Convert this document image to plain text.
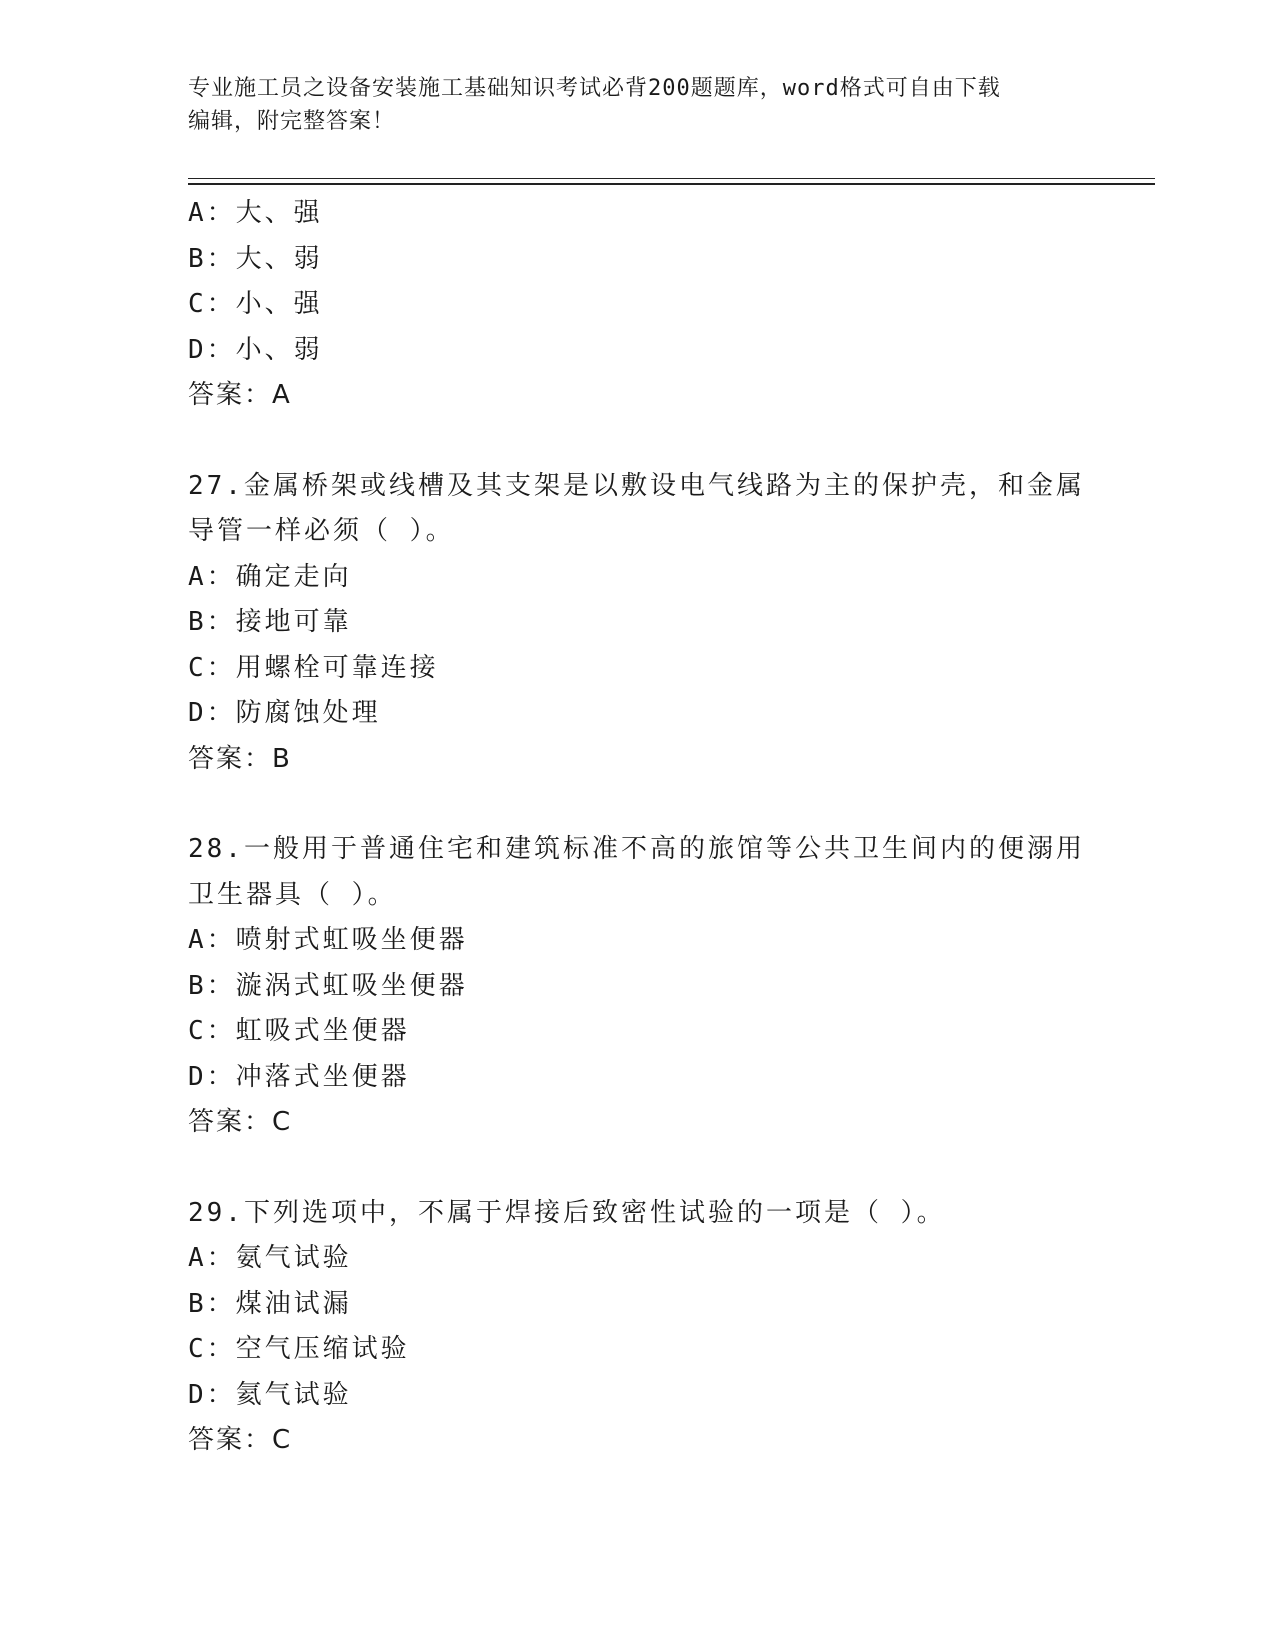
专业施工员之设备安装施工基础知识考试必背200题题库，word格式可自由下载
编辑，附完整答案！
A：大、强
B：大、弱
C：小、强
D：小、弱
答案：A
27.金属桥架或线槽及其支架是以敷设电气线路为主的保护壳，和金属
导管一样必须（ ）。
A：确定走向
B：接地可靠
C：用螺栓可靠连接
D：防腐蚀处理
答案：B
28.一般用于普通住宅和建筑标准不高的旅馆等公共卫生间内的便溺用
卫生器具（ ）。
A：喷射式虹吸坐便器
B：漩涡式虹吸坐便器
C：虹吸式坐便器
D：冲落式坐便器
答案：C
29.下列选项中，不属于焊接后致密性试验的一项是（ ）。
A：氨气试验
B：煤油试漏
C：空气压缩试验
D：氦气试验
答案：C
